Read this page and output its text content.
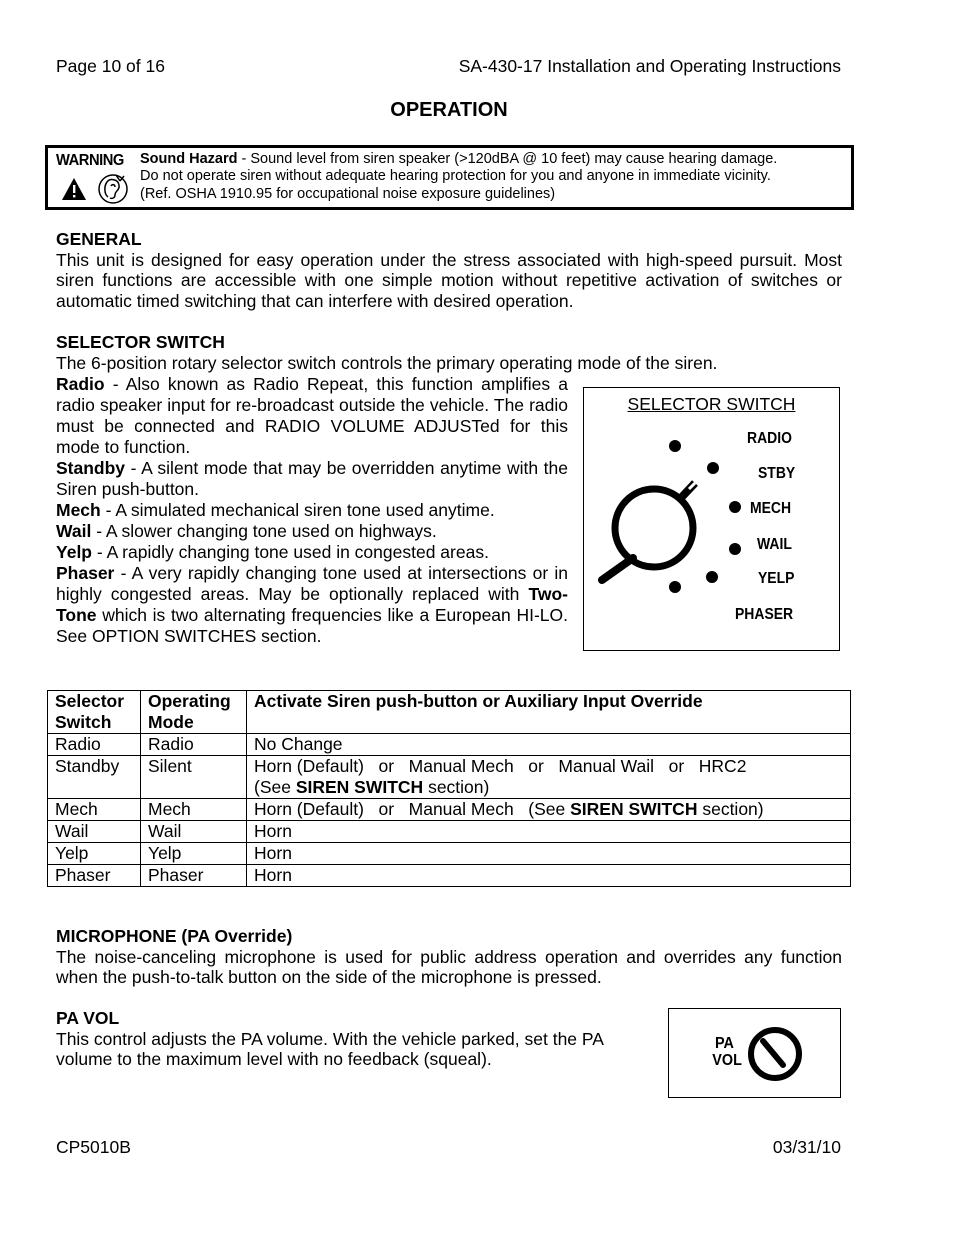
Page 10 of 16	SA-430-17 Installation and Operating Instructions
OPERATION
WARNING Sound Hazard - Sound level from siren speaker (>120dBA @ 10 feet) may cause hearing damage.
Do not operate siren without adequate hearing protection for you and anyone in immediate vicinity.
(Ref. OSHA 1910.95 for occupational noise exposure guidelines)

GENERAL

This unit is designed for easy operation under the stress associated with high-speed pursuit. Most siren functions are accessible with one simple motion without repetitive activation of switches or automatic timed switching that can interfere with desired operation.

SELECTOR SWITCH

The 6-position rotary selector switch controls the primary operating mode of the siren.

Radio - Also known as Radio Repeat, this function amplifies a radio speaker input for re-broadcast outside the vehicle. The radio must be connected and RADIO VOLUME ADJUSTed for this mode to function.

Standby - A silent mode that may be overridden anytime with the Siren push-button.

Mech - A simulated mechanical siren tone used anytime.

Wail - A slower changing tone used on highways.

Yelp - A rapidly changing tone used in congested areas.

Phaser - A very rapidly changing tone used at intersections or in highly congested areas. May be optionally replaced with Two-Tone which is two alternating frequencies like a European HI-LO. See OPTION SWITCHES section.

SELECTOR SWITCH
RADIO
STBY
MECH
WAIL
YELP
PHASER
Selector Switch	Operating Mode	Activate Siren push-button or Auxiliary Input Override
Radio	Radio	No Change
Standby	Silent	Horn (Default)   or   Manual Mech   or   Manual Wail   or   HRC2
(See SIREN SWITCH section)
Mech	Mech	Horn (Default)   or   Manual Mech   (See SIREN SWITCH section)
Wail	Wail	Horn
Yelp	Yelp	Horn
Phaser	Phaser	Horn

MICROPHONE (PA Override)

The noise-canceling microphone is used for public address operation and overrides any function when the push-to-talk button on the side of the microphone is pressed.

PA VOL
This control adjusts the PA volume. With the vehicle parked, set the PA volume to the maximum level with no feedback (squeal).
PA
VOL
CP5010B	03/31/10
